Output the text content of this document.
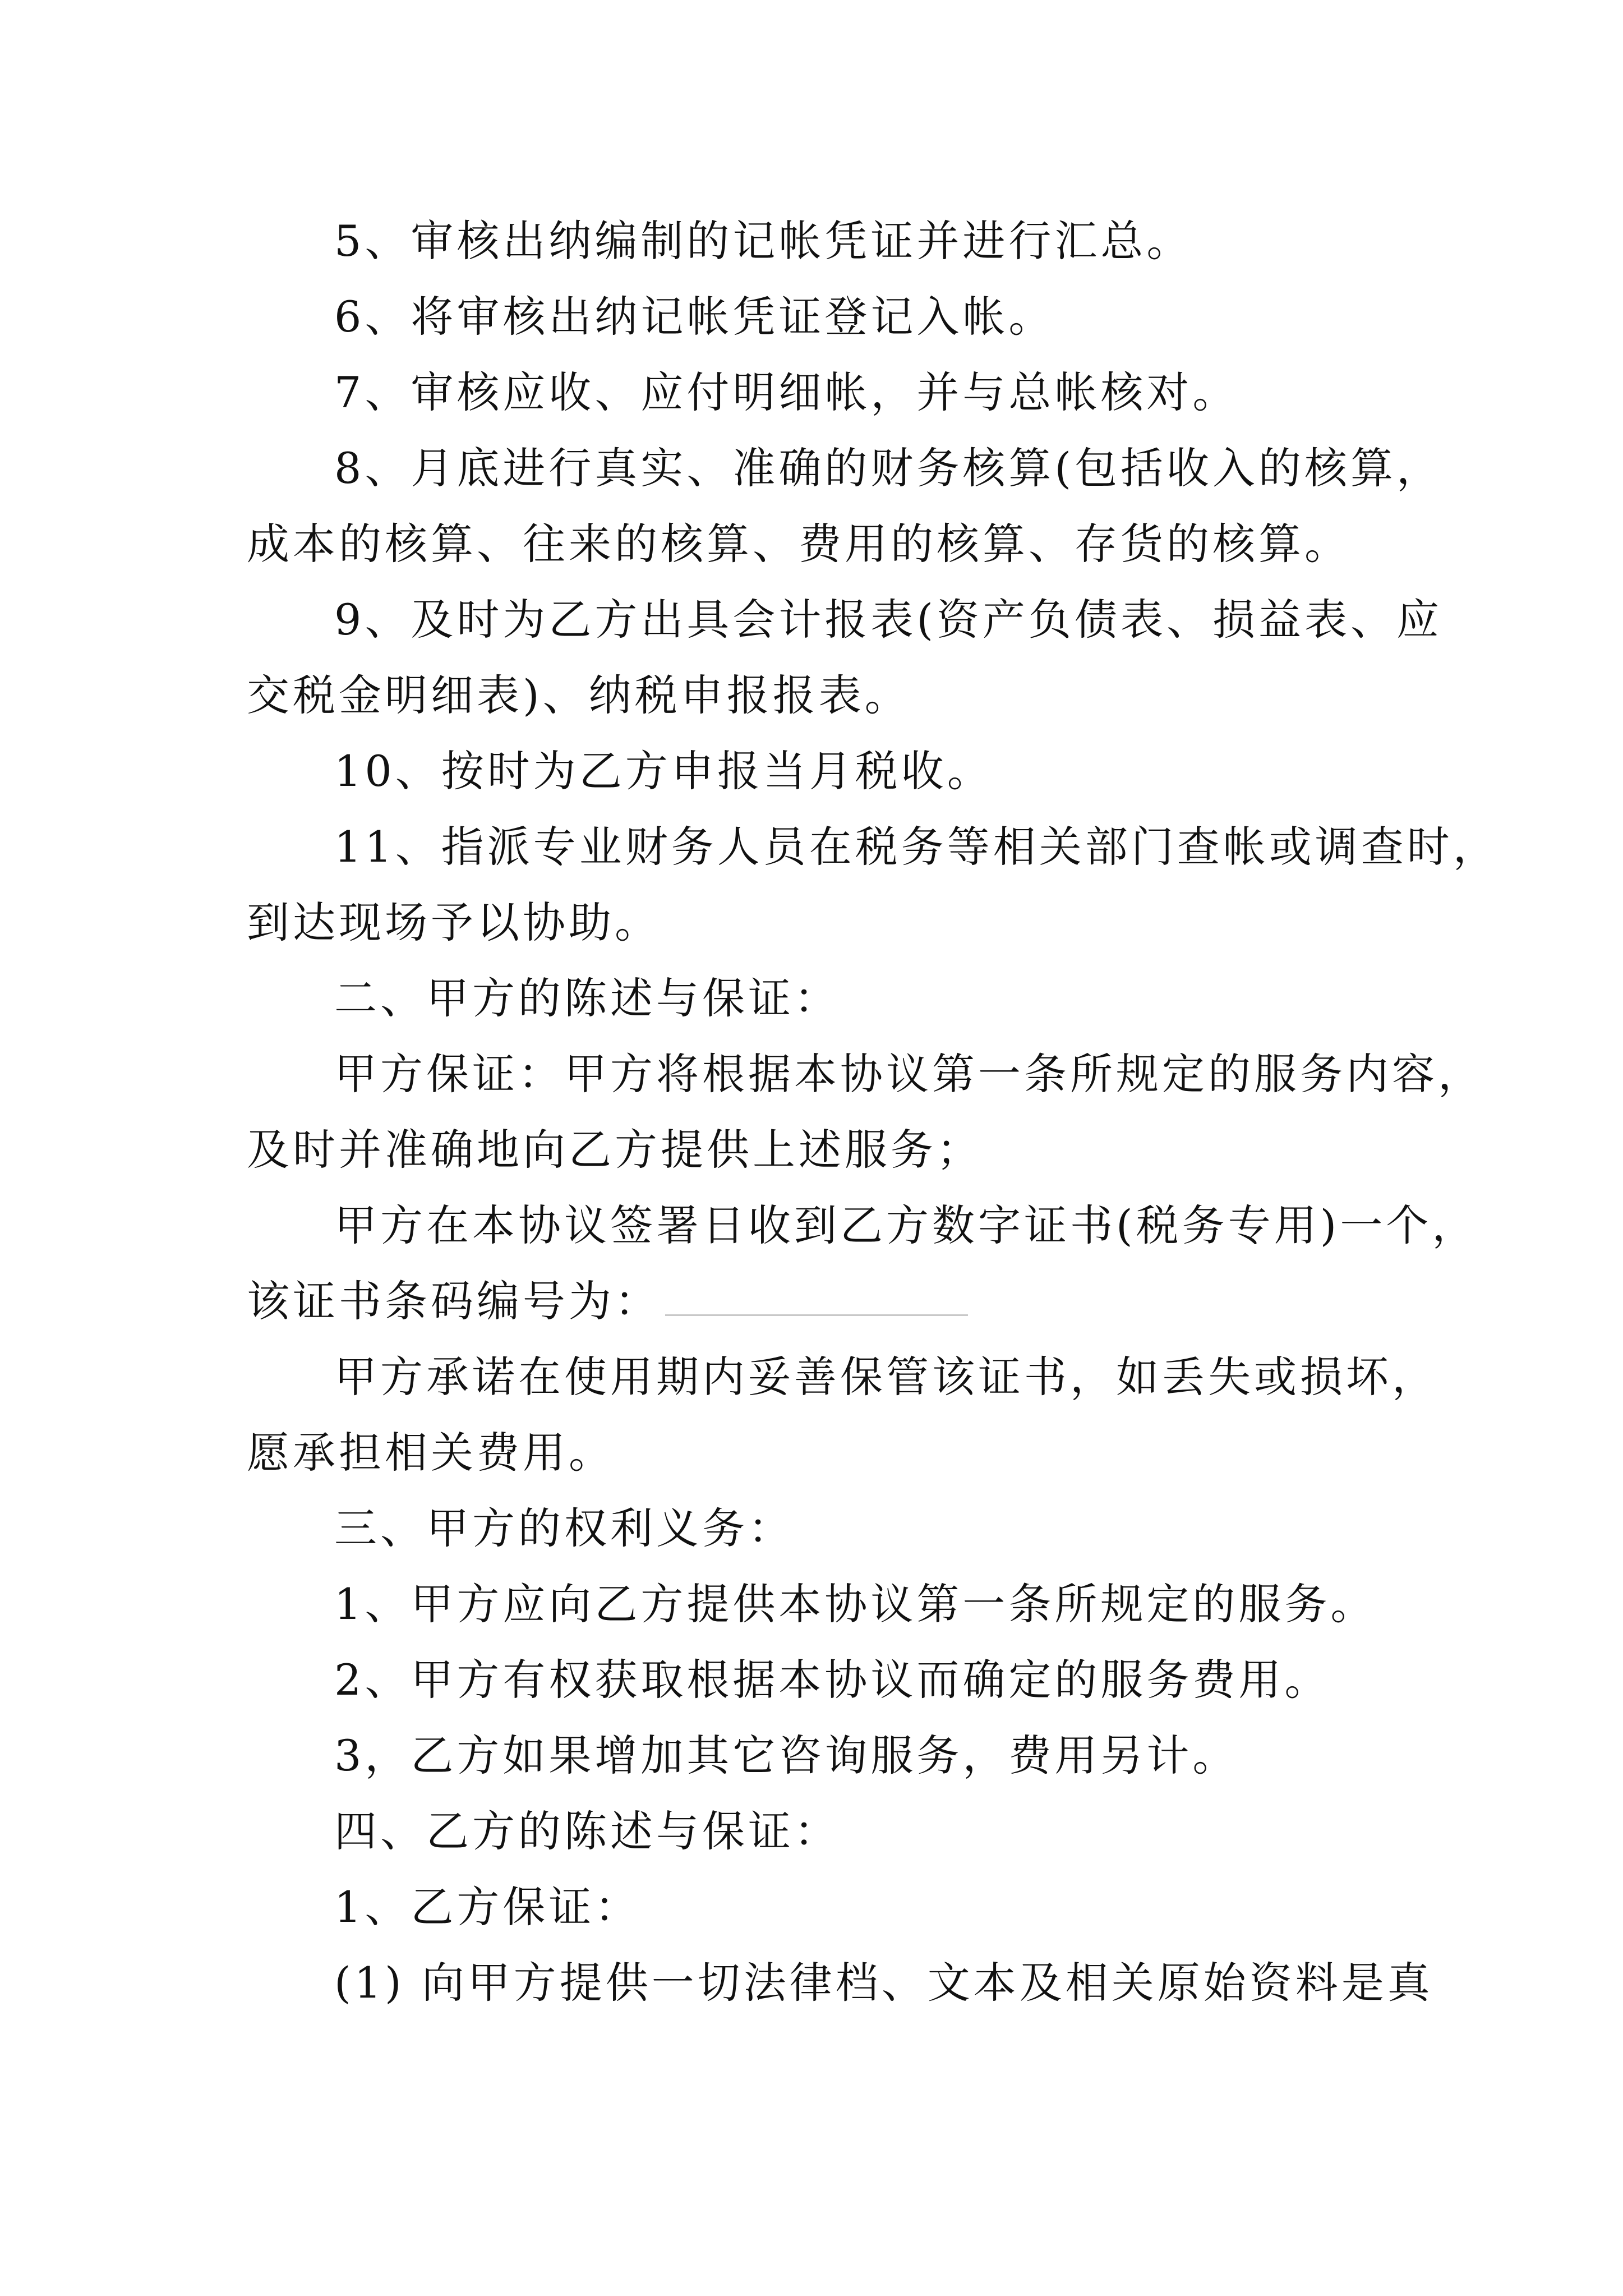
5、审核出纳编制的记帐凭证并进行汇总。
6、将审核出纳记帐凭证登记入帐。
7、审核应收、应付明细帐，并与总帐核对。
8、月底进行真实、准确的财务核算(包括收入的核算，
成本的核算、往来的核算、费用的核算、存货的核算。
9、及时为乙方出具会计报表(资产负债表、损益表、应
交税金明细表)、纳税申报报表。
10、按时为乙方申报当月税收。
11、指派专业财务人员在税务等相关部门查帐或调查时，
到达现场予以协助。
二、甲方的陈述与保证：
甲方保证：甲方将根据本协议第一条所规定的服务内容，
及时并准确地向乙方提供上述服务；
甲方在本协议签署日收到乙方数字证书(税务专用)一个，
该证书条码编号为：
甲方承诺在使用期内妥善保管该证书，如丢失或损坏，
愿承担相关费用。
三、甲方的权利义务：
1、甲方应向乙方提供本协议第一条所规定的服务。
2、甲方有权获取根据本协议而确定的服务费用。
3，乙方如果增加其它咨询服务，费用另计。
四、乙方的陈述与保证：
1、乙方保证：
(1) 向甲方提供一切法律档、文本及相关原始资料是真
